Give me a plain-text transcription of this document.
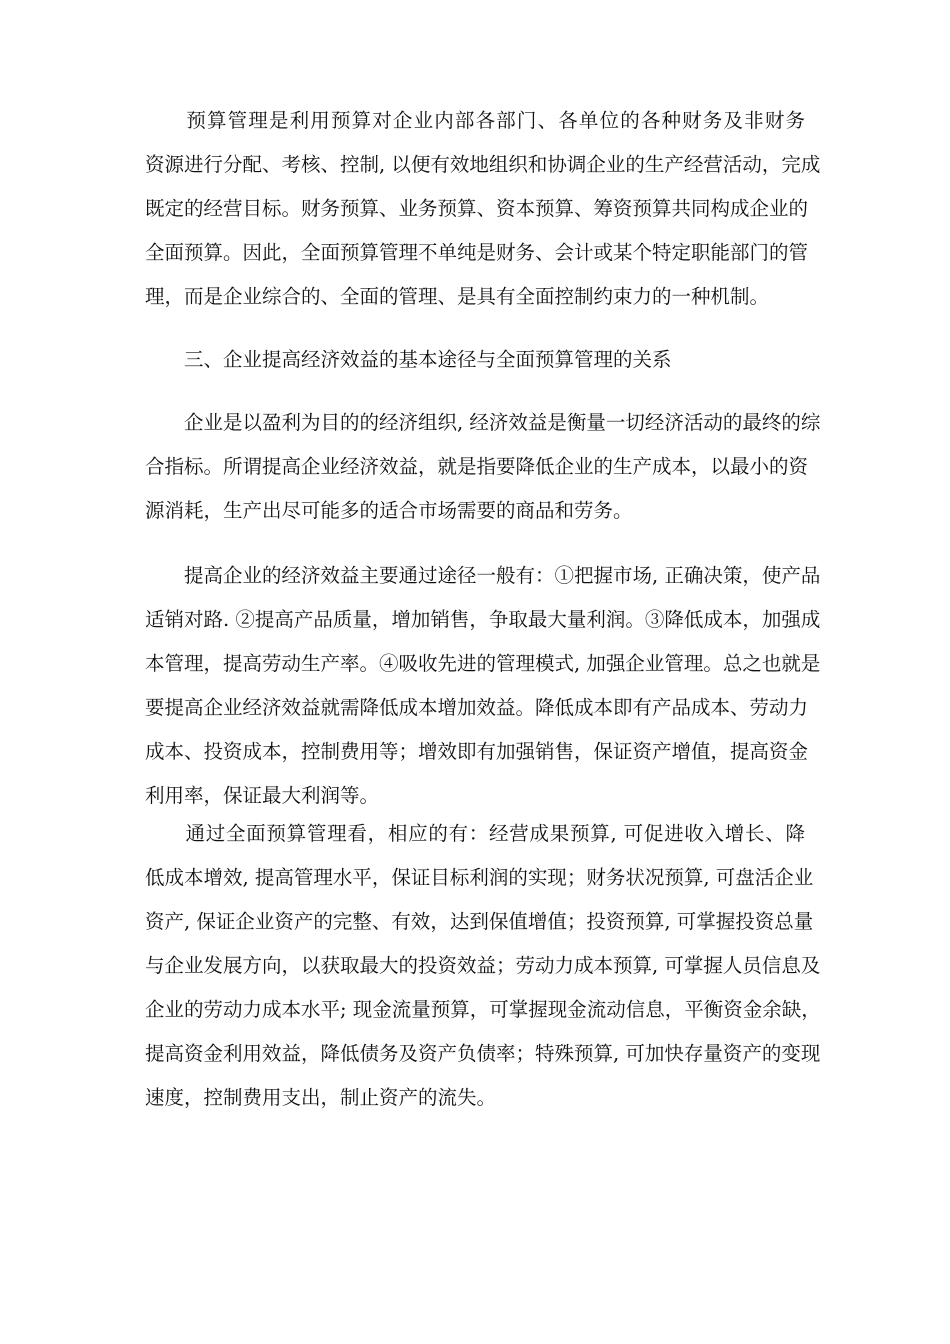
　　预算管理是利用预算对企业内部各部门、各单位的各种财务及非财务
资源进行分配、考核、控制, 以便有效地组织和协调企业的生产经营活动，完成
既定的经营目标。财务预算、业务预算、资本预算、筹资预算共同构成企业的
全面预算。因此，全面预算管理不单纯是财务、会计或某个特定职能部门的管
理，而是企业综合的、全面的管理、是具有全面控制约束力的一种机制。
　　三、企业提高经济效益的基本途径与全面预算管理的关系
　　企业是以盈利为目的的经济组织, 经济效益是衡量一切经济活动的最终的综
合指标。所谓提高企业经济效益，就是指要降低企业的生产成本，以最小的资
源消耗，生产出尽可能多的适合市场需要的商品和劳务。
　　提高企业的经济效益主要通过途径一般有：①把握市场, 正确决策，使产品
适销对路. ②提高产品质量，增加销售，争取最大量利润。③降低成本，加强成
本管理，提高劳动生产率。④吸收先进的管理模式, 加强企业管理。总之也就是
要提高企业经济效益就需降低成本增加效益。降低成本即有产品成本、劳动力
成本、投资成本，控制费用等；增效即有加强销售，保证资产增值，提高资金
利用率，保证最大利润等。
　　通过全面预算管理看，相应的有：经营成果预算, 可促进收入增长、降
低成本增效, 提高管理水平，保证目标利润的实现；财务状况预算, 可盘活企业
资产, 保证企业资产的完整、有效，达到保值增值；投资预算, 可掌握投资总量
与企业发展方向，以获取最大的投资效益；劳动力成本预算, 可掌握人员信息及
企业的劳动力成本水平; 现金流量预算，可掌握现金流动信息，平衡资金余缺，
提高资金利用效益，降低债务及资产负债率；特殊预算, 可加快存量资产的变现
速度，控制费用支出，制止资产的流失。
